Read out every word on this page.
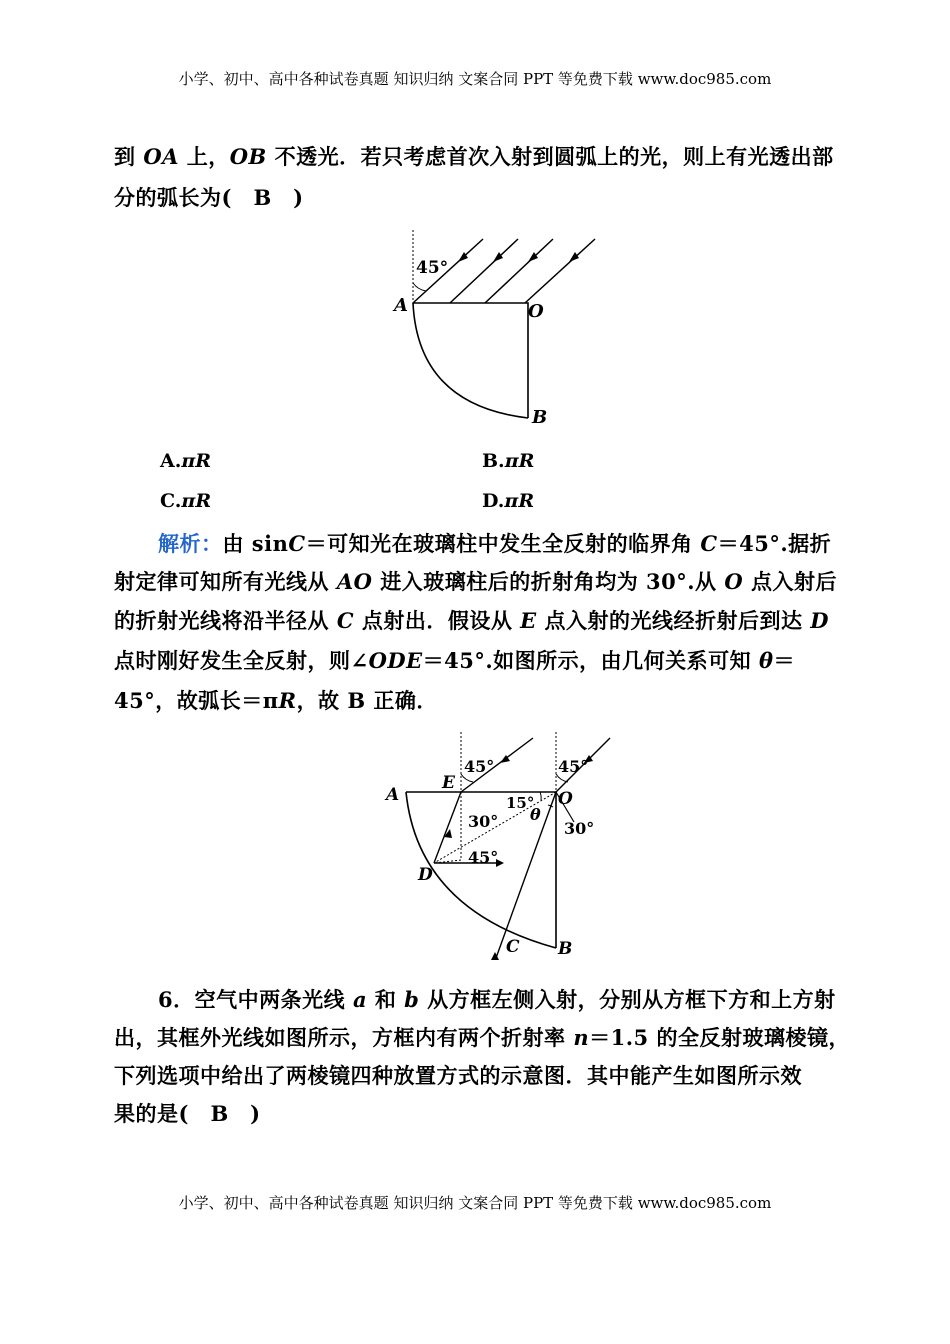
小学、初中、高中各种试卷真题 知识归纳 文案合同 PPT 等免费下载 www.doc985.com
到 OA 上，OB 不透光．若只考虑首次入射到圆弧上的光，则上有光透出部
分的弧长为(　B　)
45°
A	O
B
A.πR	B.πR
C.πR	D.πR
解析：由 sinC＝可知光在玻璃柱中发生全反射的临界角 C＝45°.据折
射定律可知所有光线从 AO 进入玻璃柱后的折射角均为 30°.从 O 点入射后
的折射光线将沿半径从 C 点射出．假设从 E 点入射的光线经折射后到达 D
点时刚好发生全反射，则∠ODE＝45°.如图所示，由几何关系可知 θ＝
45°，故弧长＝πR，故 B 正确．
45°	45°
A
E
O
15°
30° θ
30°
45°
D
C B
6．空气中两条光线 a 和 b 从方框左侧入射，分别从方框下方和上方射
出，其框外光线如图所示，方框内有两个折射率 n＝1.5 的全反射玻璃棱镜，
下列选项中给出了两棱镜四种放置方式的示意图．其中能产生如图所示效
果的是(　B　)
小学、初中、高中各种试卷真题 知识归纳 文案合同 PPT 等免费下载 www.doc985.com
